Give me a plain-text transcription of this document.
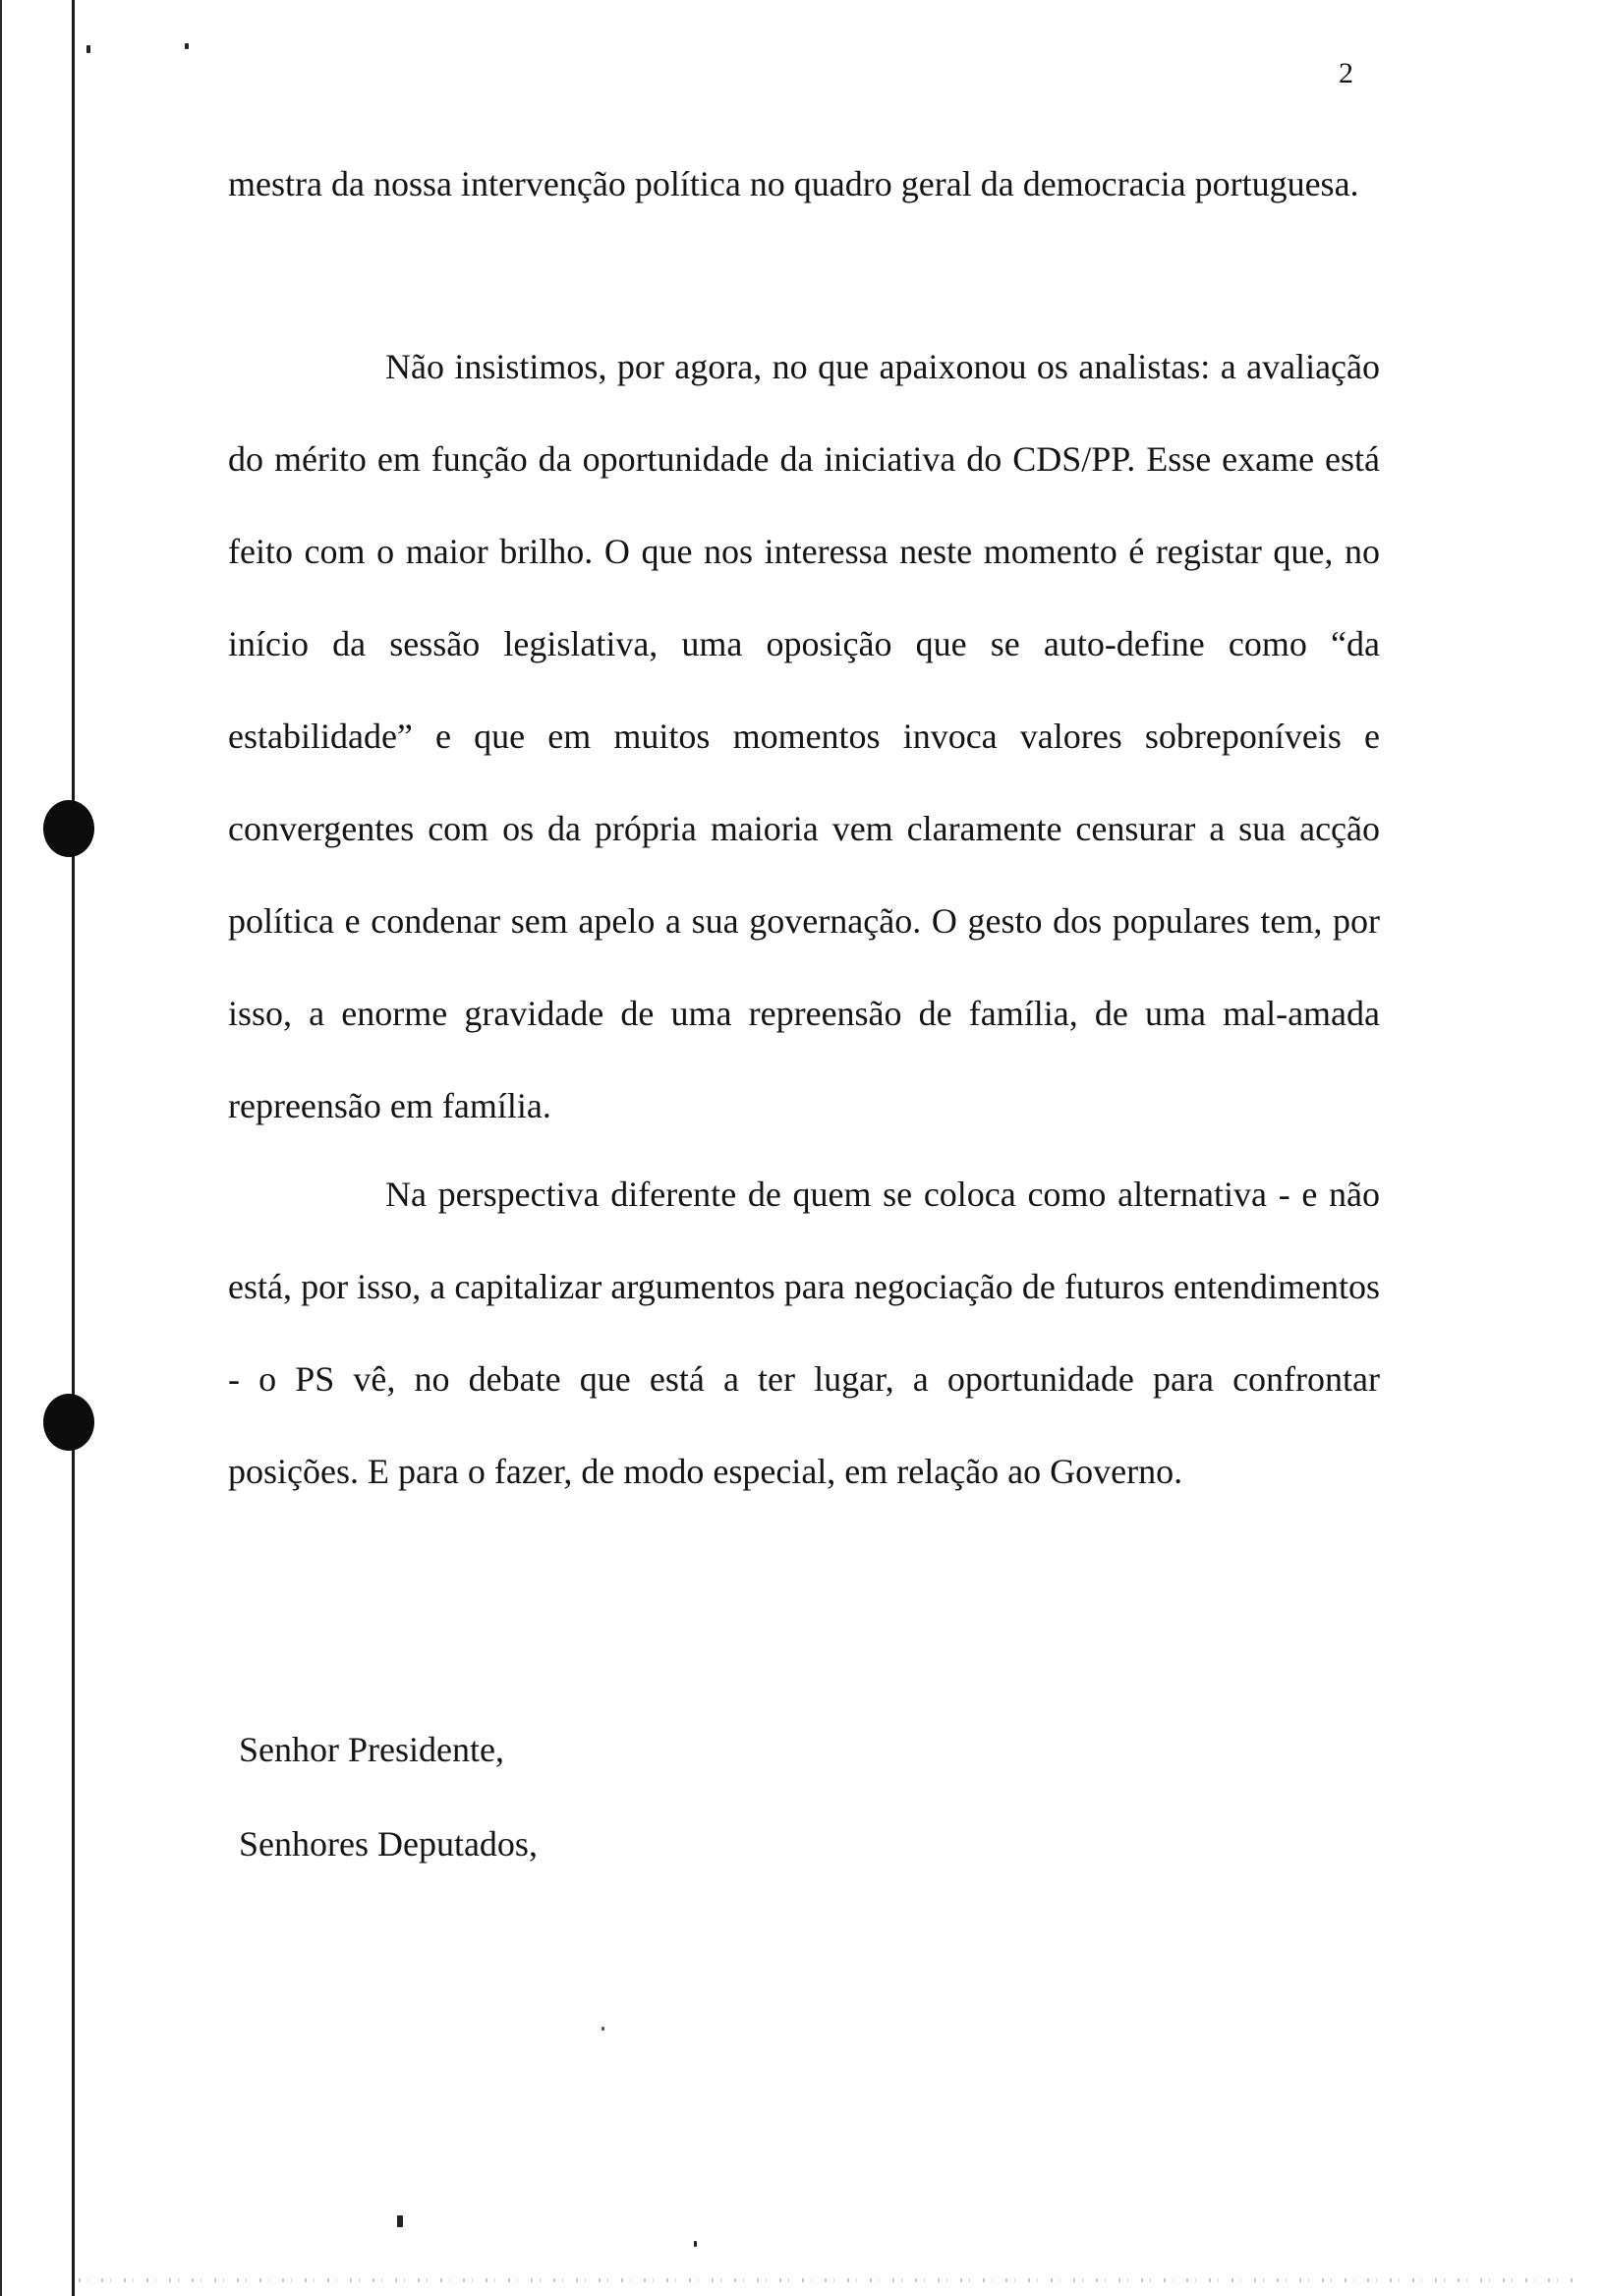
2

mestra da nossa intervenção política no quadro geral da democracia portuguesa.

Não insistimos, por agora, no que apaixonou os analistas: a avaliação do mérito em função da oportunidade da iniciativa do CDS/PP. Esse exame está feito com o maior brilho. O que nos interessa neste momento é registar que, no início da sessão legislativa, uma oposição que se auto-define como “da estabilidade” e que em muitos momentos invoca valores sobreponíveis e convergentes com os da própria maioria vem claramente censurar a sua acção política e condenar sem apelo a sua governação. O gesto dos populares tem, por isso, a enorme gravidade de uma repreensão de família, de uma mal-amada repreensão em família.

Na perspectiva diferente de quem se coloca como alternativa - e não está, por isso, a capitalizar argumentos para negociação de futuros entendimentos - o PS vê, no debate que está a ter lugar, a oportunidade para confrontar posições. E para o fazer, de modo especial, em relação ao Governo.

Senhor Presidente,
Senhores Deputados,
